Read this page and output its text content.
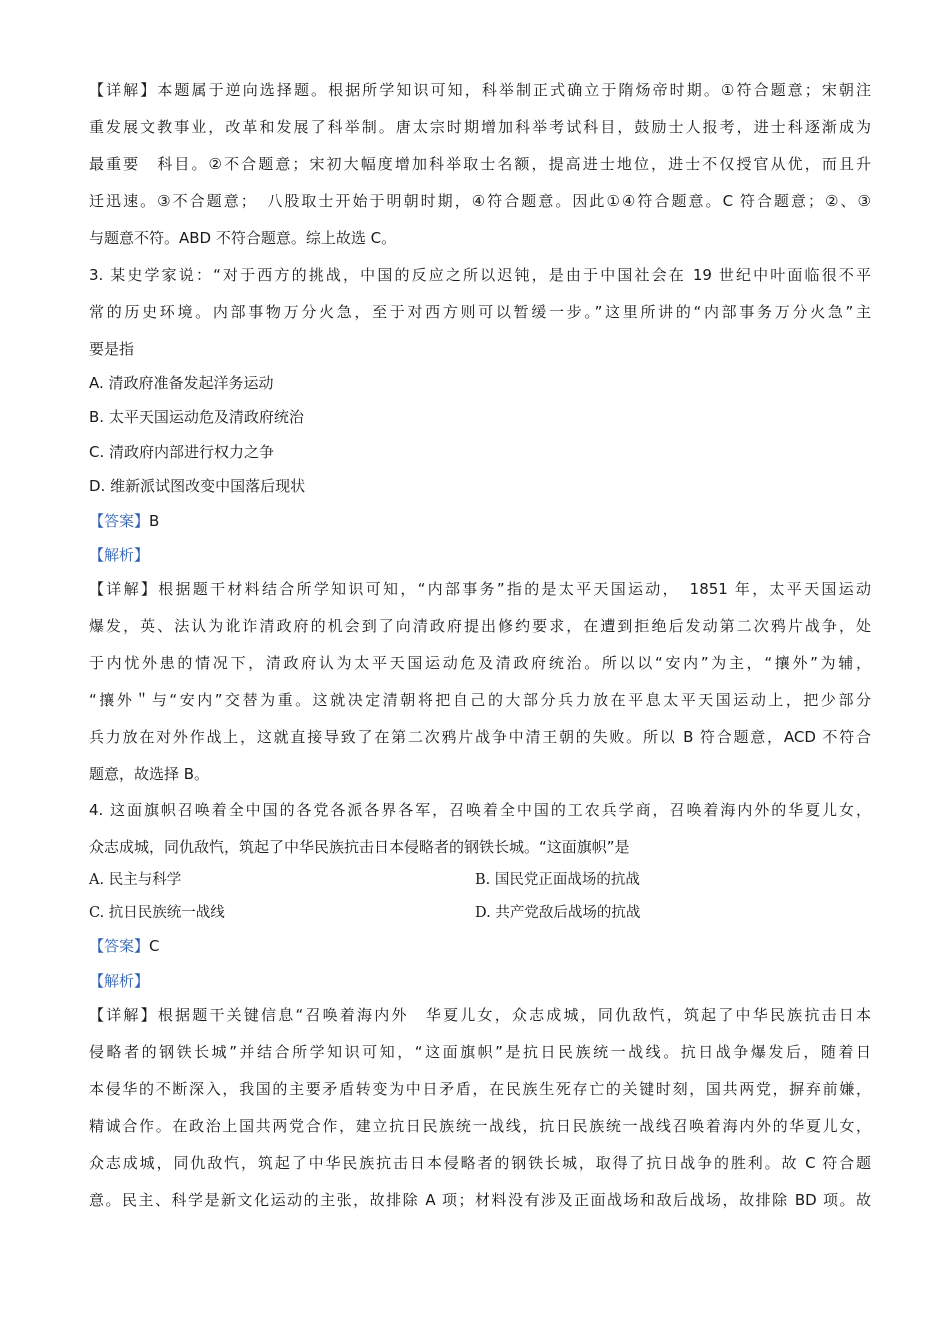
【详解】本题属于逆向选择题。根据所学知识可知，科举制正式确立于隋炀帝时期。①符合题意；宋朝注
重发展文教事业，改革和发展了科举制。唐太宗时期增加科举考试科目，鼓励士人报考，进士科逐渐成为
最重要　科目。②不合题意；宋初大幅度增加科举取士名额，提高进士地位，进士不仅授官从优，而且升
迁迅速。③不合题意；　八股取士开始于明朝时期，④符合题意。因此①④符合题意。C 符合题意；②、③
与题意不符。ABD 不符合题意。综上故选 C。
3. 某史学家说：“对于西方的挑战，中国的反应之所以迟钝，是由于中国社会在 19 世纪中叶面临很不平
常的历史环境。内部事物万分火急，至于对西方则可以暂缓一步。”这里所讲的“内部事务万分火急”主
要是指
A. 清政府准备发起洋务运动
B. 太平天国运动危及清政府统治
C. 清政府内部进行权力之争
D. 维新派试图改变中国落后现状
【答案】B
【解析】
【详解】根据题干材料结合所学知识可知，“内部事务”指的是太平天国运动，　1851 年，太平天国运动
爆发，英、法认为讹诈清政府的机会到了向清政府提出修约要求，在遭到拒绝后发动第二次鸦片战争，处
于内忧外患的情况下，清政府认为太平天国运动危及清政府统治。所以以“安内”为主，“攘外”为辅，
“攘外＂与“安内”交替为重。这就决定清朝将把自己的大部分兵力放在平息太平天国运动上，把少部分
兵力放在对外作战上，这就直接导致了在第二次鸦片战争中清王朝的失败。所以 B 符合题意，ACD 不符合
题意，故选择 B。
4. 这面旗帜召唤着全中国的各党各派各界各军，召唤着全中国的工农兵学商，召唤着海内外的华夏儿女，
众志成城，同仇敌忾，筑起了中华民族抗击日本侵略者的钢铁长城。“这面旗帜”是
A. 民主与科学	B. 国民党正面战场的抗战
C. 抗日民族统一战线	D. 共产党敌后战场的抗战
【答案】C
【解析】
【详解】根据题干关键信息“召唤着海内外　华夏儿女，众志成城，同仇敌忾，筑起了中华民族抗击日本
侵略者的钢铁长城”并结合所学知识可知，“这面旗帜”是抗日民族统一战线。抗日战争爆发后，随着日
本侵华的不断深入，我国的主要矛盾转变为中日矛盾，在民族生死存亡的关键时刻，国共两党，摒弃前嫌，
精诚合作。在政治上国共两党合作，建立抗日民族统一战线，抗日民族统一战线召唤着海内外的华夏儿女，
众志成城，同仇敌忾，筑起了中华民族抗击日本侵略者的钢铁长城，取得了抗日战争的胜利。故 C 符合题
意。民主、科学是新文化运动的主张，故排除 A 项；材料没有涉及正面战场和敌后战场，故排除 BD 项。故
